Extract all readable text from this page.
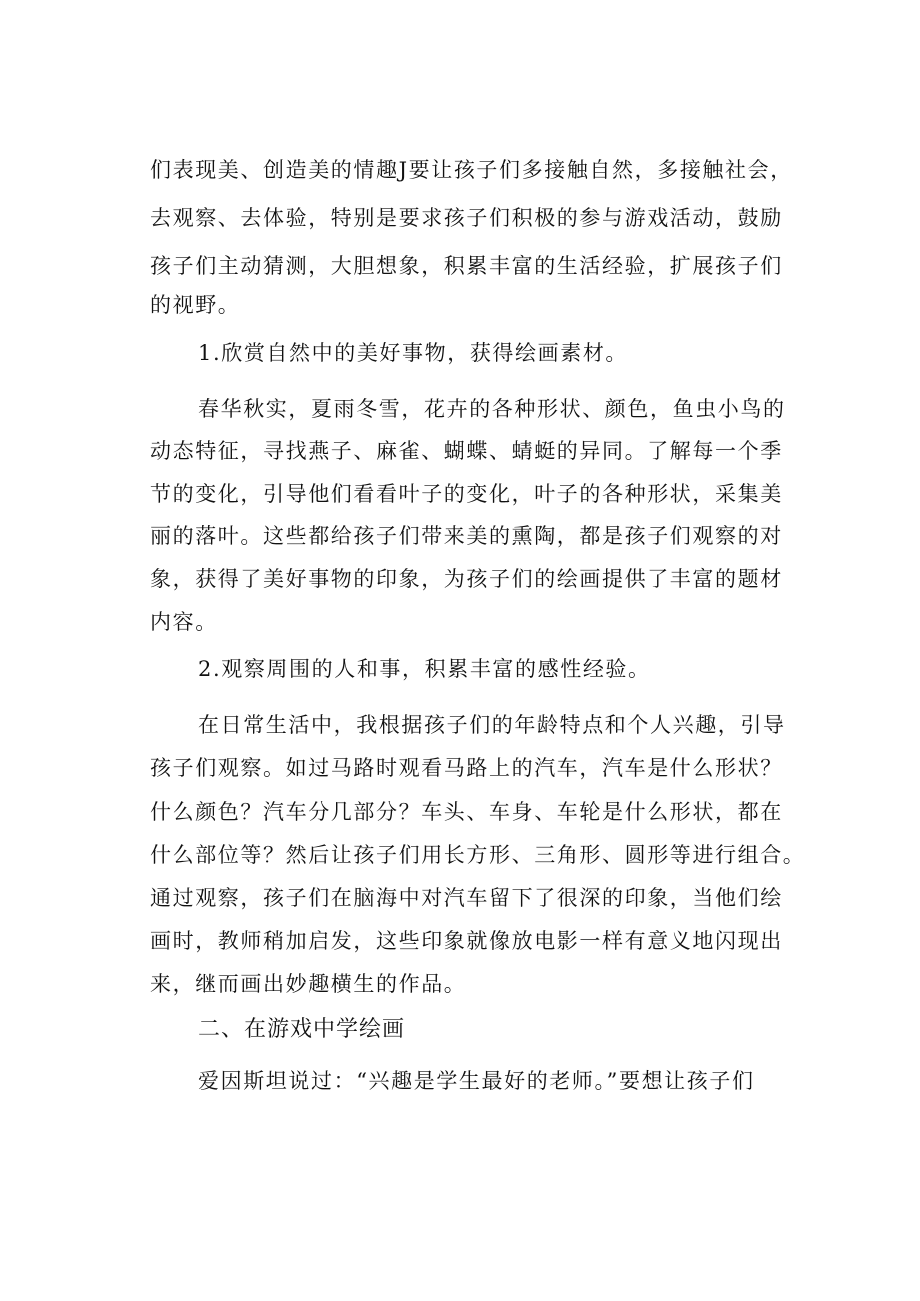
们表现美、创造美的情趣J要让孩子们多接触自然，多接触社会，

去观察、去体验，特别是要求孩子们积极的参与游戏活动，鼓励

孩子们主动猜测，大胆想象，积累丰富的生活经验，扩展孩子们

的视野。

1.欣赏自然中的美好事物，获得绘画素材。

春华秋实，夏雨冬雪，花卉的各种形状、颜色，鱼虫小鸟的

动态特征，寻找燕子、麻雀、蝴蝶、蜻蜓的异同。了解每一个季

节的变化，引导他们看看叶子的变化，叶子的各种形状，采集美

丽的落叶。这些都给孩子们带来美的熏陶，都是孩子们观察的对

象，获得了美好事物的印象，为孩子们的绘画提供了丰富的题材

内容。

2.观察周围的人和事，积累丰富的感性经验。

在日常生活中，我根据孩子们的年龄特点和个人兴趣，引导

孩子们观察。如过马路时观看马路上的汽车，汽车是什么形状？

什么颜色？汽车分几部分？车头、车身、车轮是什么形状，都在

什么部位等？然后让孩子们用长方形、三角形、圆形等进行组合。

通过观察，孩子们在脑海中对汽车留下了很深的印象，当他们绘

画时，教师稍加启发，这些印象就像放电影一样有意义地闪现出

来，继而画出妙趣横生的作品。

二、在游戏中学绘画

爱因斯坦说过：“兴趣是学生最好的老师。”要想让孩子们
